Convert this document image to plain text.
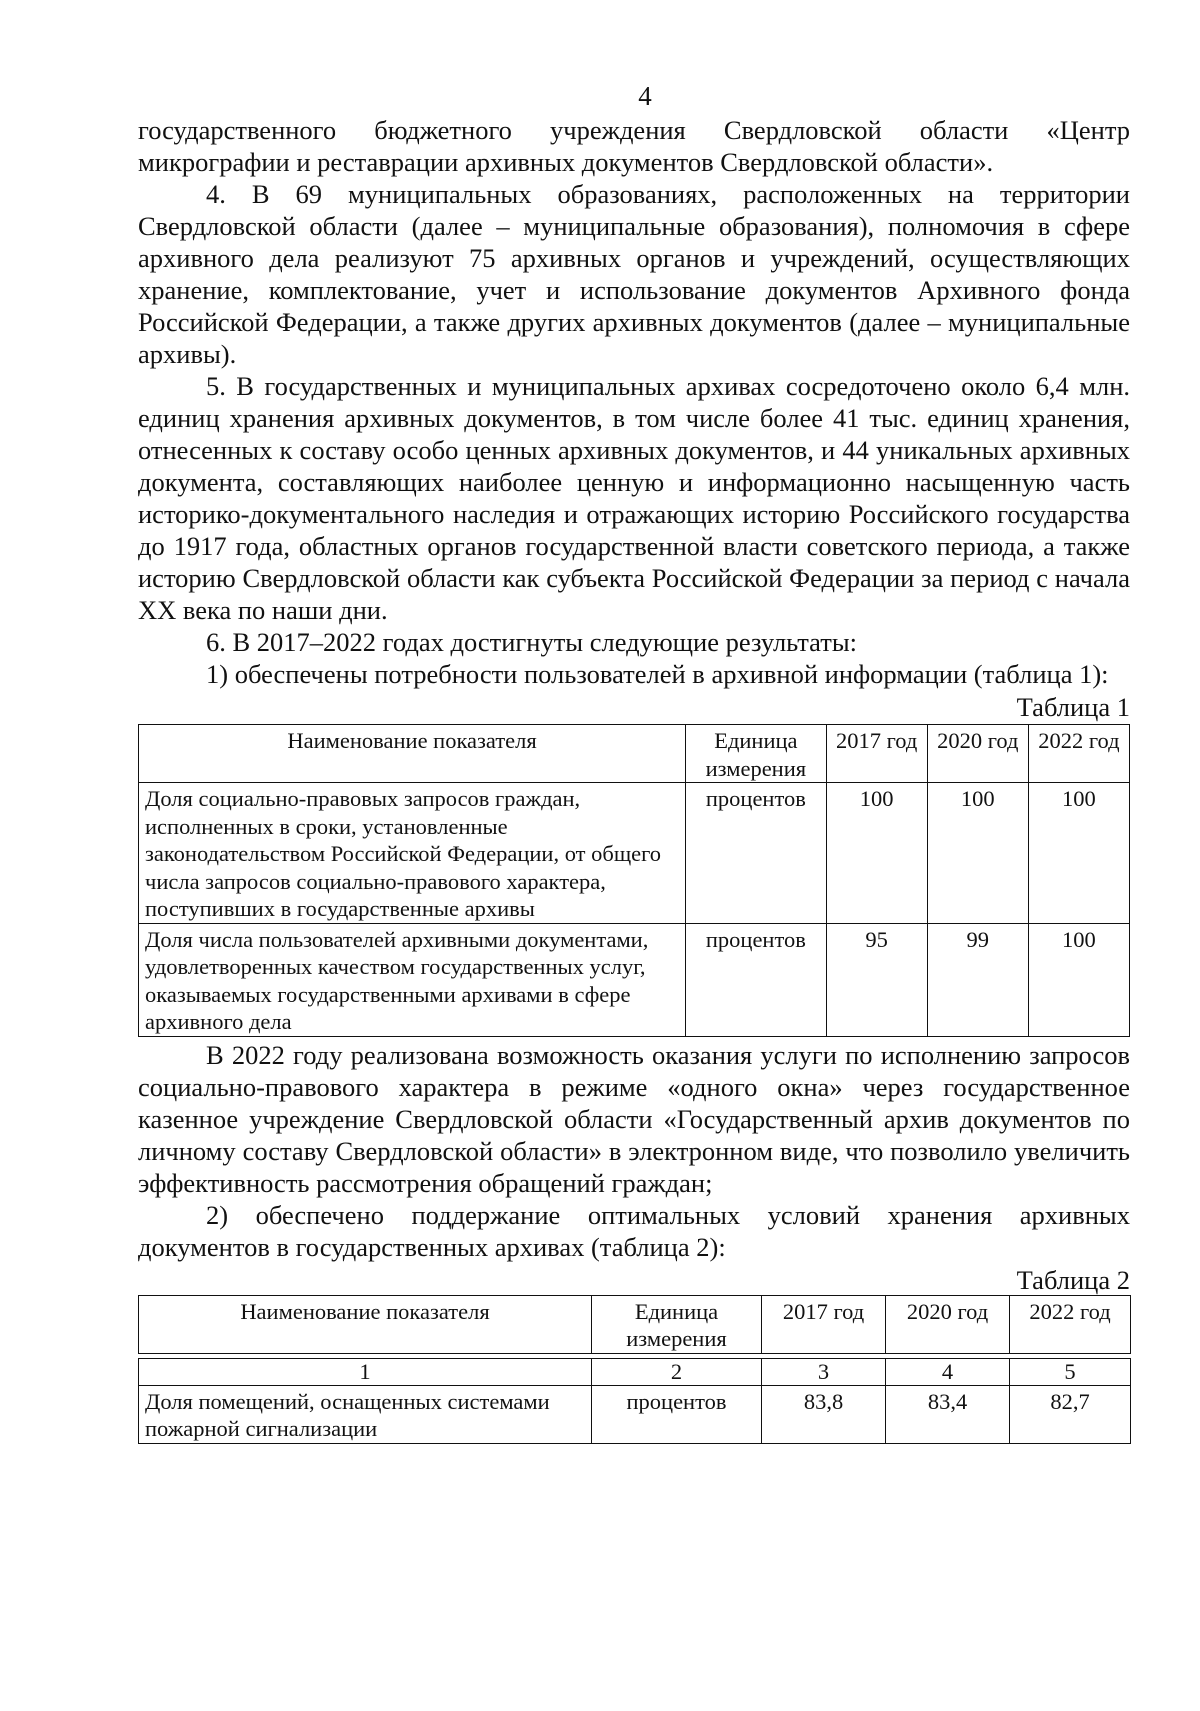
4

государственного бюджетного учреждения Свердловской области «Центр микрографии и реставрации архивных документов Свердловской области».

4. В 69 муниципальных образованиях, расположенных на территории Свердловской области (далее – муниципальные образования), полномочия в сфере архивного дела реализуют 75 архивных органов и учреждений, осуществляющих хранение, комплектование, учет и использование документов Архивного фонда Российской Федерации, а также других архивных документов (далее – муниципальные архивы).

5. В государственных и муниципальных архивах сосредоточено около 6,4 млн. единиц хранения архивных документов, в том числе более 41 тыс. единиц хранения, отнесенных к составу особо ценных архивных документов, и 44 уникальных архивных документа, составляющих наиболее ценную и информационно насыщенную часть историко-документального наследия и отражающих историю Российского государства до 1917 года, областных органов государственной власти советского периода, а также историю Свердловской области как субъекта Российской Федерации за период с начала XX века по наши дни.

6. В 2017–2022 годах достигнуты следующие результаты:

1) обеспечены потребности пользователей в архивной информации (таблица 1):

Таблица 1
Наименование показателя	Единица измерения	2017 год	2020 год	2022 год
Доля социально-правовых запросов граждан, исполненных в сроки, установленные законодательством Российской Федерации, от общего числа запросов социально-правового характера, поступивших в государственные архивы	процентов	100	100	100
Доля числа пользователей архивными документами, удовлетворенных качеством государственных услуг, оказываемых государственными архивами в сфере архивного дела	процентов	95	99	100

В 2022 году реализована возможность оказания услуги по исполнению запросов социально-правового характера в режиме «одного окна» через государственное казенное учреждение Свердловской области «Государственный архив документов по личному составу Свердловской области» в электронном виде, что позволило увеличить эффективность рассмотрения обращений граждан;

2) обеспечено поддержание оптимальных условий хранения архивных документов в государственных архивах (таблица 2):

Таблица 2
Наименование показателя	Единица измерения	2017 год	2020 год	2022 год

1	2	3	4	5
Доля помещений, оснащенных системами пожарной сигнализации	процентов	83,8	83,4	82,7
